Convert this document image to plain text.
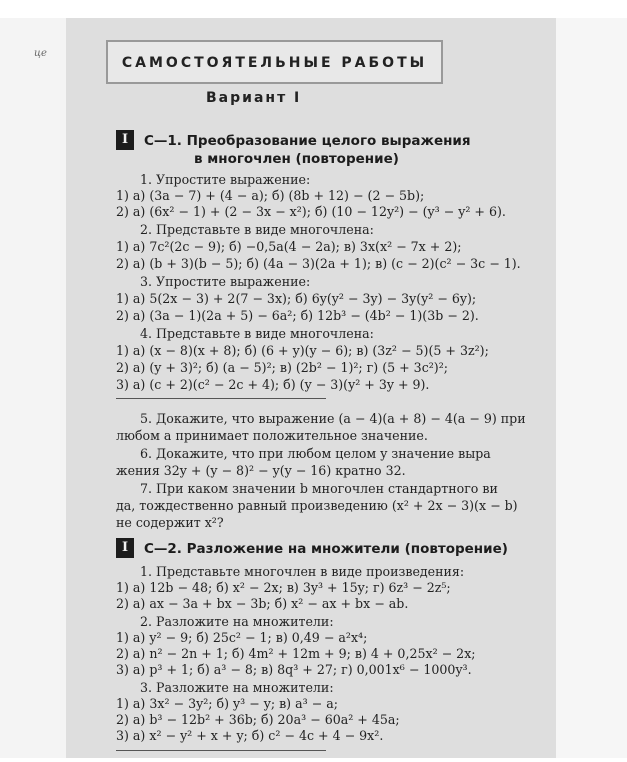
це
САМОСТОЯТЕЛЬНЫЕ РАБОТЫ
Вариант I
I	С—1. Преобразование целого выражения
в многочлен (повторение)
1. Упростите выражение:
1) а) (3a − 7) + (4 − a); б) (8b + 12) − (2 − 5b);
2) а) (6x² − 1) + (2 − 3x − x²); б) (10 − 12y²) − (y³ − y² + 6).
2. Представьте в виде многочлена:
1) а) 7c²(2c − 9); б) −0,5a(4 − 2a); в) 3x(x² − 7x + 2);
2) а) (b + 3)(b − 5); б) (4a − 3)(2a + 1); в) (c − 2)(c² − 3c − 1).
3. Упростите выражение:
1) а) 5(2x − 3) + 2(7 − 3x); б) 6y(y² − 3y) − 3y(y² − 6y);
2) а) (3a − 1)(2a + 5) − 6a²; б) 12b³ − (4b² − 1)(3b − 2).
4. Представьте в виде многочлена:
1) а) (x − 8)(x + 8); б) (6 + y)(y − 6); в) (3z² − 5)(5 + 3z²);
2) а) (y + 3)²; б) (a − 5)²; в) (2b² − 1)²; г) (5 + 3c²)²;
3) а) (c + 2)(c² − 2c + 4); б) (y − 3)(y² + 3y + 9).
5. Докажите, что выражение (a − 4)(a + 8) − 4(a − 9) при
любом a принимает положительное значение.
6. Докажите, что при любом целом y значение выра
жения 32y + (y − 8)² − y(y − 16) кратно 32.
7. При каком значении b многочлен стандартного ви
да, тождественно равный произведению (x² + 2x − 3)(x − b)
не содержит x²?
I	С—2. Разложение на множители (повторение)
1. Представьте многочлен в виде произведения:
1) а) 12b − 48; б) x² − 2x; в) 3y³ + 15y; г) 6z³ − 2z⁵;
2) а) ax − 3a + bx − 3b; б) x² − ax + bx − ab.
2. Разложите на множители:
1) а) y² − 9; б) 25c² − 1; в) 0,49 − a²x⁴;
2) а) n² − 2n + 1; б) 4m² + 12m + 9; в) 4 + 0,25x² − 2x;
3) а) p³ + 1; б) a³ − 8; в) 8q³ + 27; г) 0,001x⁶ − 1000y³.
3. Разложите на множители:
1) а) 3x² − 3y²; б) y³ − y; в) a³ − a;
2) а) b³ − 12b² + 36b; б) 20a³ − 60a² + 45a;
3) а) x² − y² + x + y; б) c² − 4c + 4 − 9x².
